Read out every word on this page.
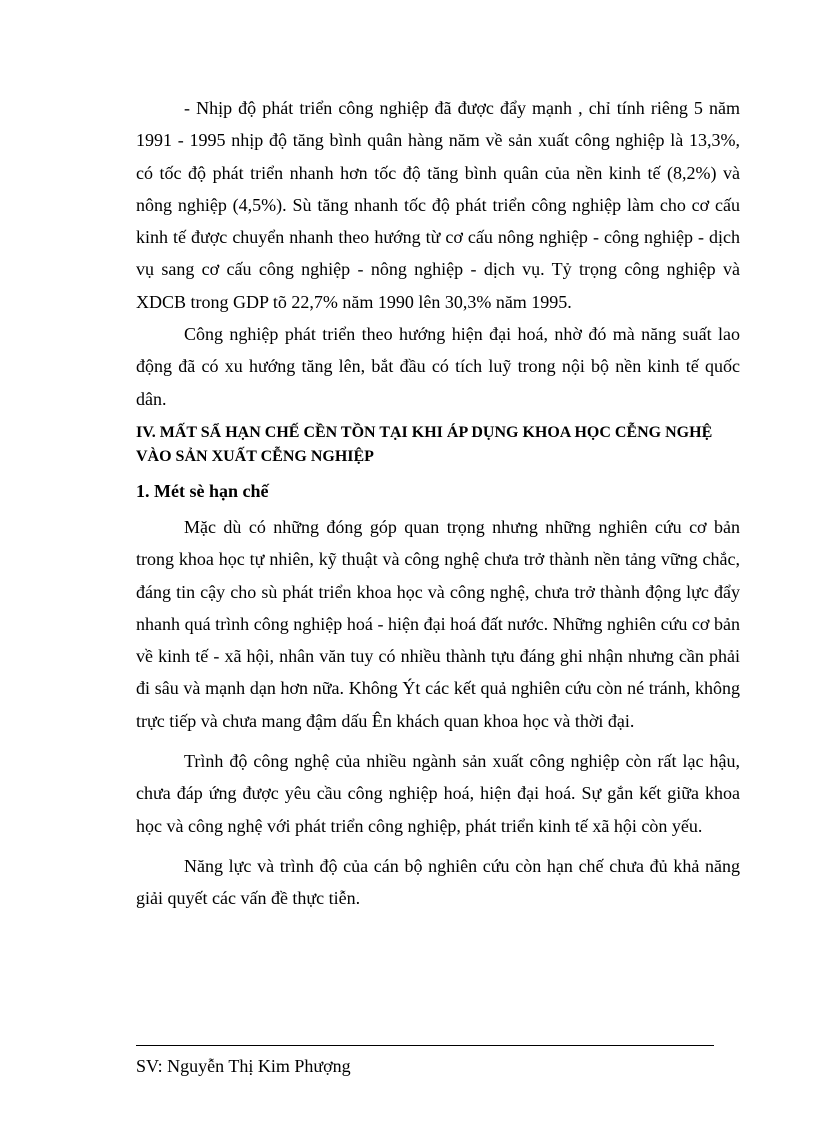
- Nhịp độ phát triển công nghiệp đã được đẩy mạnh , chỉ tính riêng 5 năm 1991 - 1995 nhịp độ tăng bình quân hàng năm về sản xuất công nghiệp là 13,3%, có tốc độ phát triển nhanh hơn tốc độ tăng bình quân của nền kinh tế (8,2%) và nông nghiệp (4,5%). Sù tăng nhanh tốc độ phát triển công nghiệp làm cho cơ cấu kinh tế được chuyển nhanh theo hướng từ cơ cấu nông nghiệp - công nghiệp - dịch vụ sang cơ cấu công nghiệp - nông nghiệp - dịch vụ. Tỷ trọng công nghiệp và XDCB trong GDP tõ 22,7% năm 1990 lên 30,3% năm 1995.

Công nghiệp phát triển theo hướng hiện đại hoá, nhờ đó mà năng suất lao động đã có xu hướng tăng lên, bắt đầu có tích luỹ trong nội bộ nền kinh tế quốc dân.

IV. MẤT SẨ HẠN CHẾ CỀN TỒN TẠI KHI ÁP DỤNG KHOA HỌC CỄNG NGHỆ VÀO SẢN XUẤT CỄNG NGHIỆP
1. Mét sè hạn chế

Mặc dù có những đóng góp quan trọng nhưng những nghiên cứu cơ bản trong khoa học tự nhiên, kỹ thuật và công nghệ chưa trở thành nền tảng vững chắc, đáng tin cậy cho sù phát triển khoa học và công nghệ, chưa trở thành động lực đẩy nhanh quá trình công nghiệp hoá - hiện đại hoá đất nước. Những nghiên cứu cơ bản về kinh tế - xã hội, nhân văn tuy có nhiều thành tựu đáng ghi nhận nhưng cần phải đi sâu và mạnh dạn hơn nữa. Không Ýt các kết quả nghiên cứu còn né tránh, không trực tiếp và chưa mang đậm dấu Ên khách quan khoa học và thời đại.

Trình độ công nghệ của nhiều ngành sản xuất công nghiệp còn rất lạc hậu, chưa đáp ứng được yêu cầu công nghiệp hoá, hiện đại hoá. Sự gắn kết giữa khoa học và công nghệ với phát triển công nghiệp, phát triển kinh tế xã hội còn yếu.

Năng lực và trình độ của cán bộ nghiên cứu còn hạn chế chưa đủ khả năng giải quyết các vấn đề thực tiễn.

SV: Nguyễn Thị Kim Phượng
